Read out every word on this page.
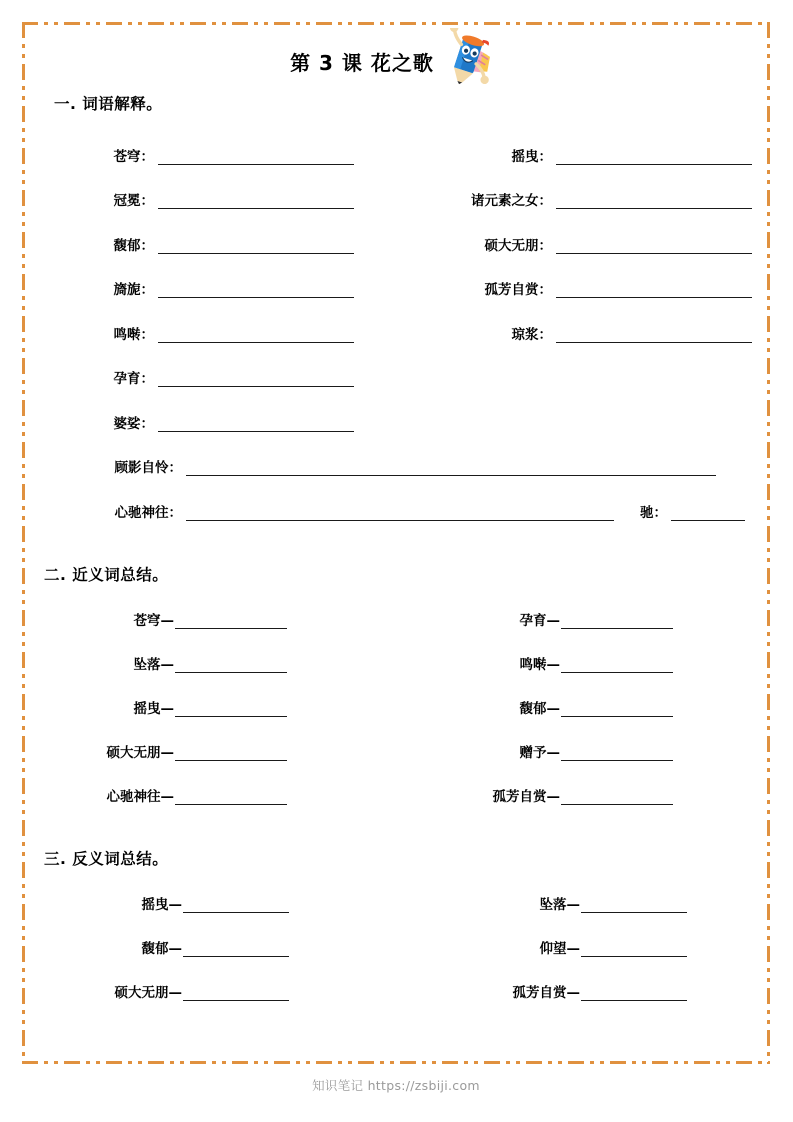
第 3 课 花之歌
一. 词语解释。
苍穹：	摇曳：
冠冕：	诸元素之女：
馥郁：	硕大无朋：
旖旎：	孤芳自赏：
鸣啭：	琼浆：
孕育：
婆娑：
顾影自怜：
心驰神往：	驰：
二. 近义词总结。
苍穹—	孕育—
坠落—	鸣啭—
摇曳—	馥郁—
硕大无朋—	赠予—
心驰神往—	孤芳自赏—
三. 反义词总结。
摇曳—	坠落—
馥郁—	仰望—
硕大无朋—	孤芳自赏—
知识笔记 https://zsbiji.com
